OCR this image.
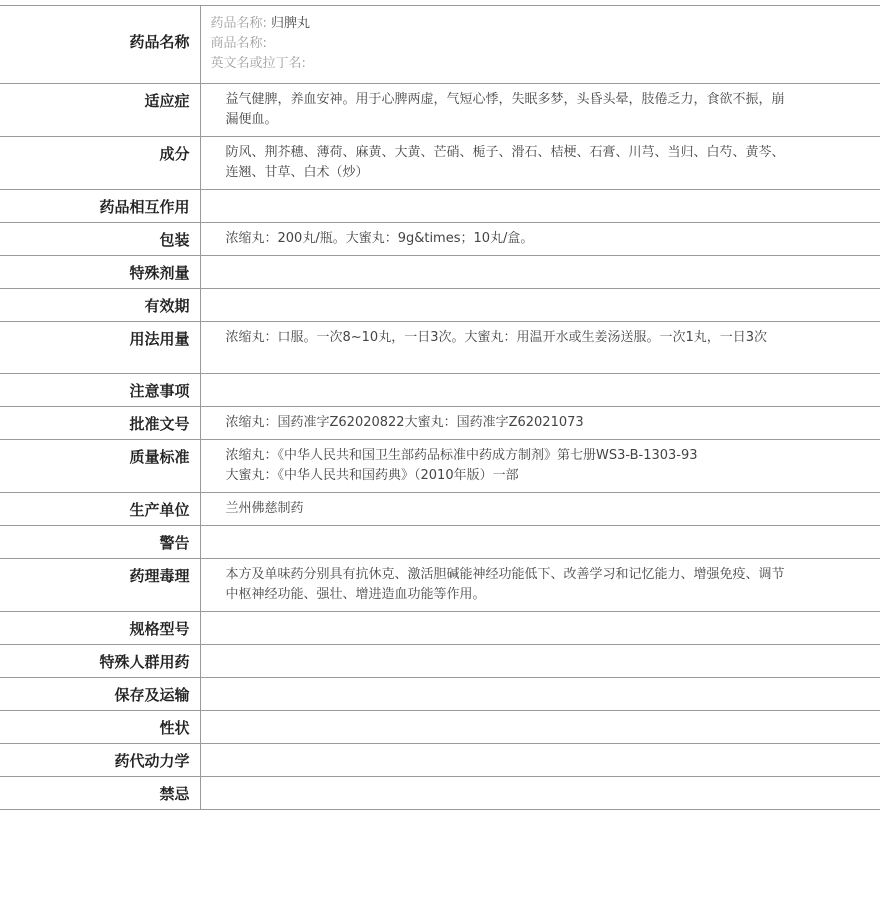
药品名称	药品名称: 归脾丸
商品名称:
英文名或拉丁名:

适应症	益气健脾，养血安神。用于心脾两虚，气短心悸，失眠多梦，头昏头晕，肢倦乏力，食欲不振，崩漏便血。

成分	防风、荆芥穗、薄荷、麻黄、大黄、芒硝、栀子、滑石、桔梗、石膏、川芎、当归、白芍、黄芩、连翘、甘草、白术（炒）

药品相互作用	

包装	浓缩丸：200丸/瓶。大蜜丸：9g&times；10丸/盒。

特殊剂量	

有效期	

用法用量	浓缩丸：口服。一次8~10丸，一日3次。大蜜丸：用温开水或生姜汤送服。一次1丸，一日3次

注意事项	

批准文号	浓缩丸：国药准字Z62020822大蜜丸：国药准字Z62021073

质量标准	浓缩丸：《中华人民共和国卫生部药品标准中药成方制剂》第七册WS3-B-1303-93
大蜜丸：《中华人民共和国药典》（2010年版）一部

生产单位	兰州佛慈制药

警告	

药理毒理	本方及单味药分别具有抗休克、激活胆碱能神经功能低下、改善学习和记忆能力、增强免疫、调节中枢神经功能、强壮、增进造血功能等作用。

规格型号	

特殊人群用药	

保存及运输	

性状	

药代动力学	

禁忌	
